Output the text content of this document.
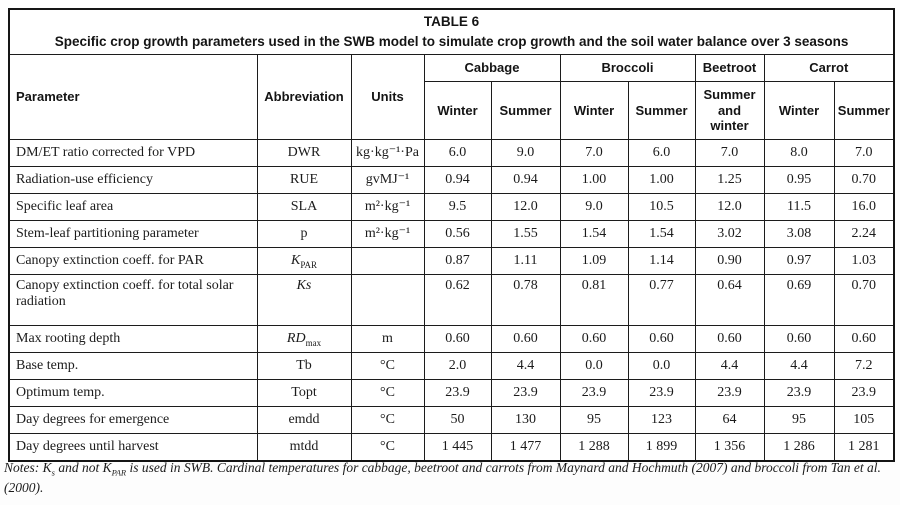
TABLE 6
Specific crop growth parameters used in the SWB model to simulate crop growth and the soil water balance over 3 seasons									

Parameter	Abbreviation	Units	Cabbage		Broccoli		Beetroot	Carrot	
			Winter	Summer	Winter	Summer	Summer and winter	Winter	Summer
DM/ET ratio corrected for VPD	DWR	kg·kg⁻¹·Pa	6.0	9.0	7.0	6.0	7.0	8.0	7.0
Radiation-use efficiency	RUE	gvMJ⁻¹	0.94	0.94	1.00	1.00	1.25	0.95	0.70
Specific leaf area	SLA	m²·kg⁻¹	9.5	12.0	9.0	10.5	12.0	11.5	16.0
Stem-leaf partitioning parameter	p	m²·kg⁻¹	0.56	1.55	1.54	1.54	3.02	3.08	2.24
Canopy extinction coeff. for PAR	$K_{PAR}$		0.87	1.11	1.09	1.14	0.90	0.97	1.03
Canopy extinction coeff. for total solar radiation	Ks		0.62	0.78	0.81	0.77	0.64	0.69	0.70
Max rooting depth	$RD_{max}$	m	0.60	0.60	0.60	0.60	0.60	0.60	0.60
Base temp.	Tb	°C	2.0	4.4	0.0	0.0	4.4	4.4	7.2
Optimum temp.	Topt	°C	23.9	23.9	23.9	23.9	23.9	23.9	23.9
Day degrees for emergence	emdd	°C	50	130	95	123	64	95	105
Day degrees until harvest	mtdd	°C	1 445	1 477	1 288	1 899	1 356	1 286	1 281
Notes: $K_s$ and not $K_{PAR}$ is used in SWB. Cardinal temperatures for cabbage, beetroot and carrots from Maynard and Hochmuth (2007) and broccoli from Tan et al. (2000).
